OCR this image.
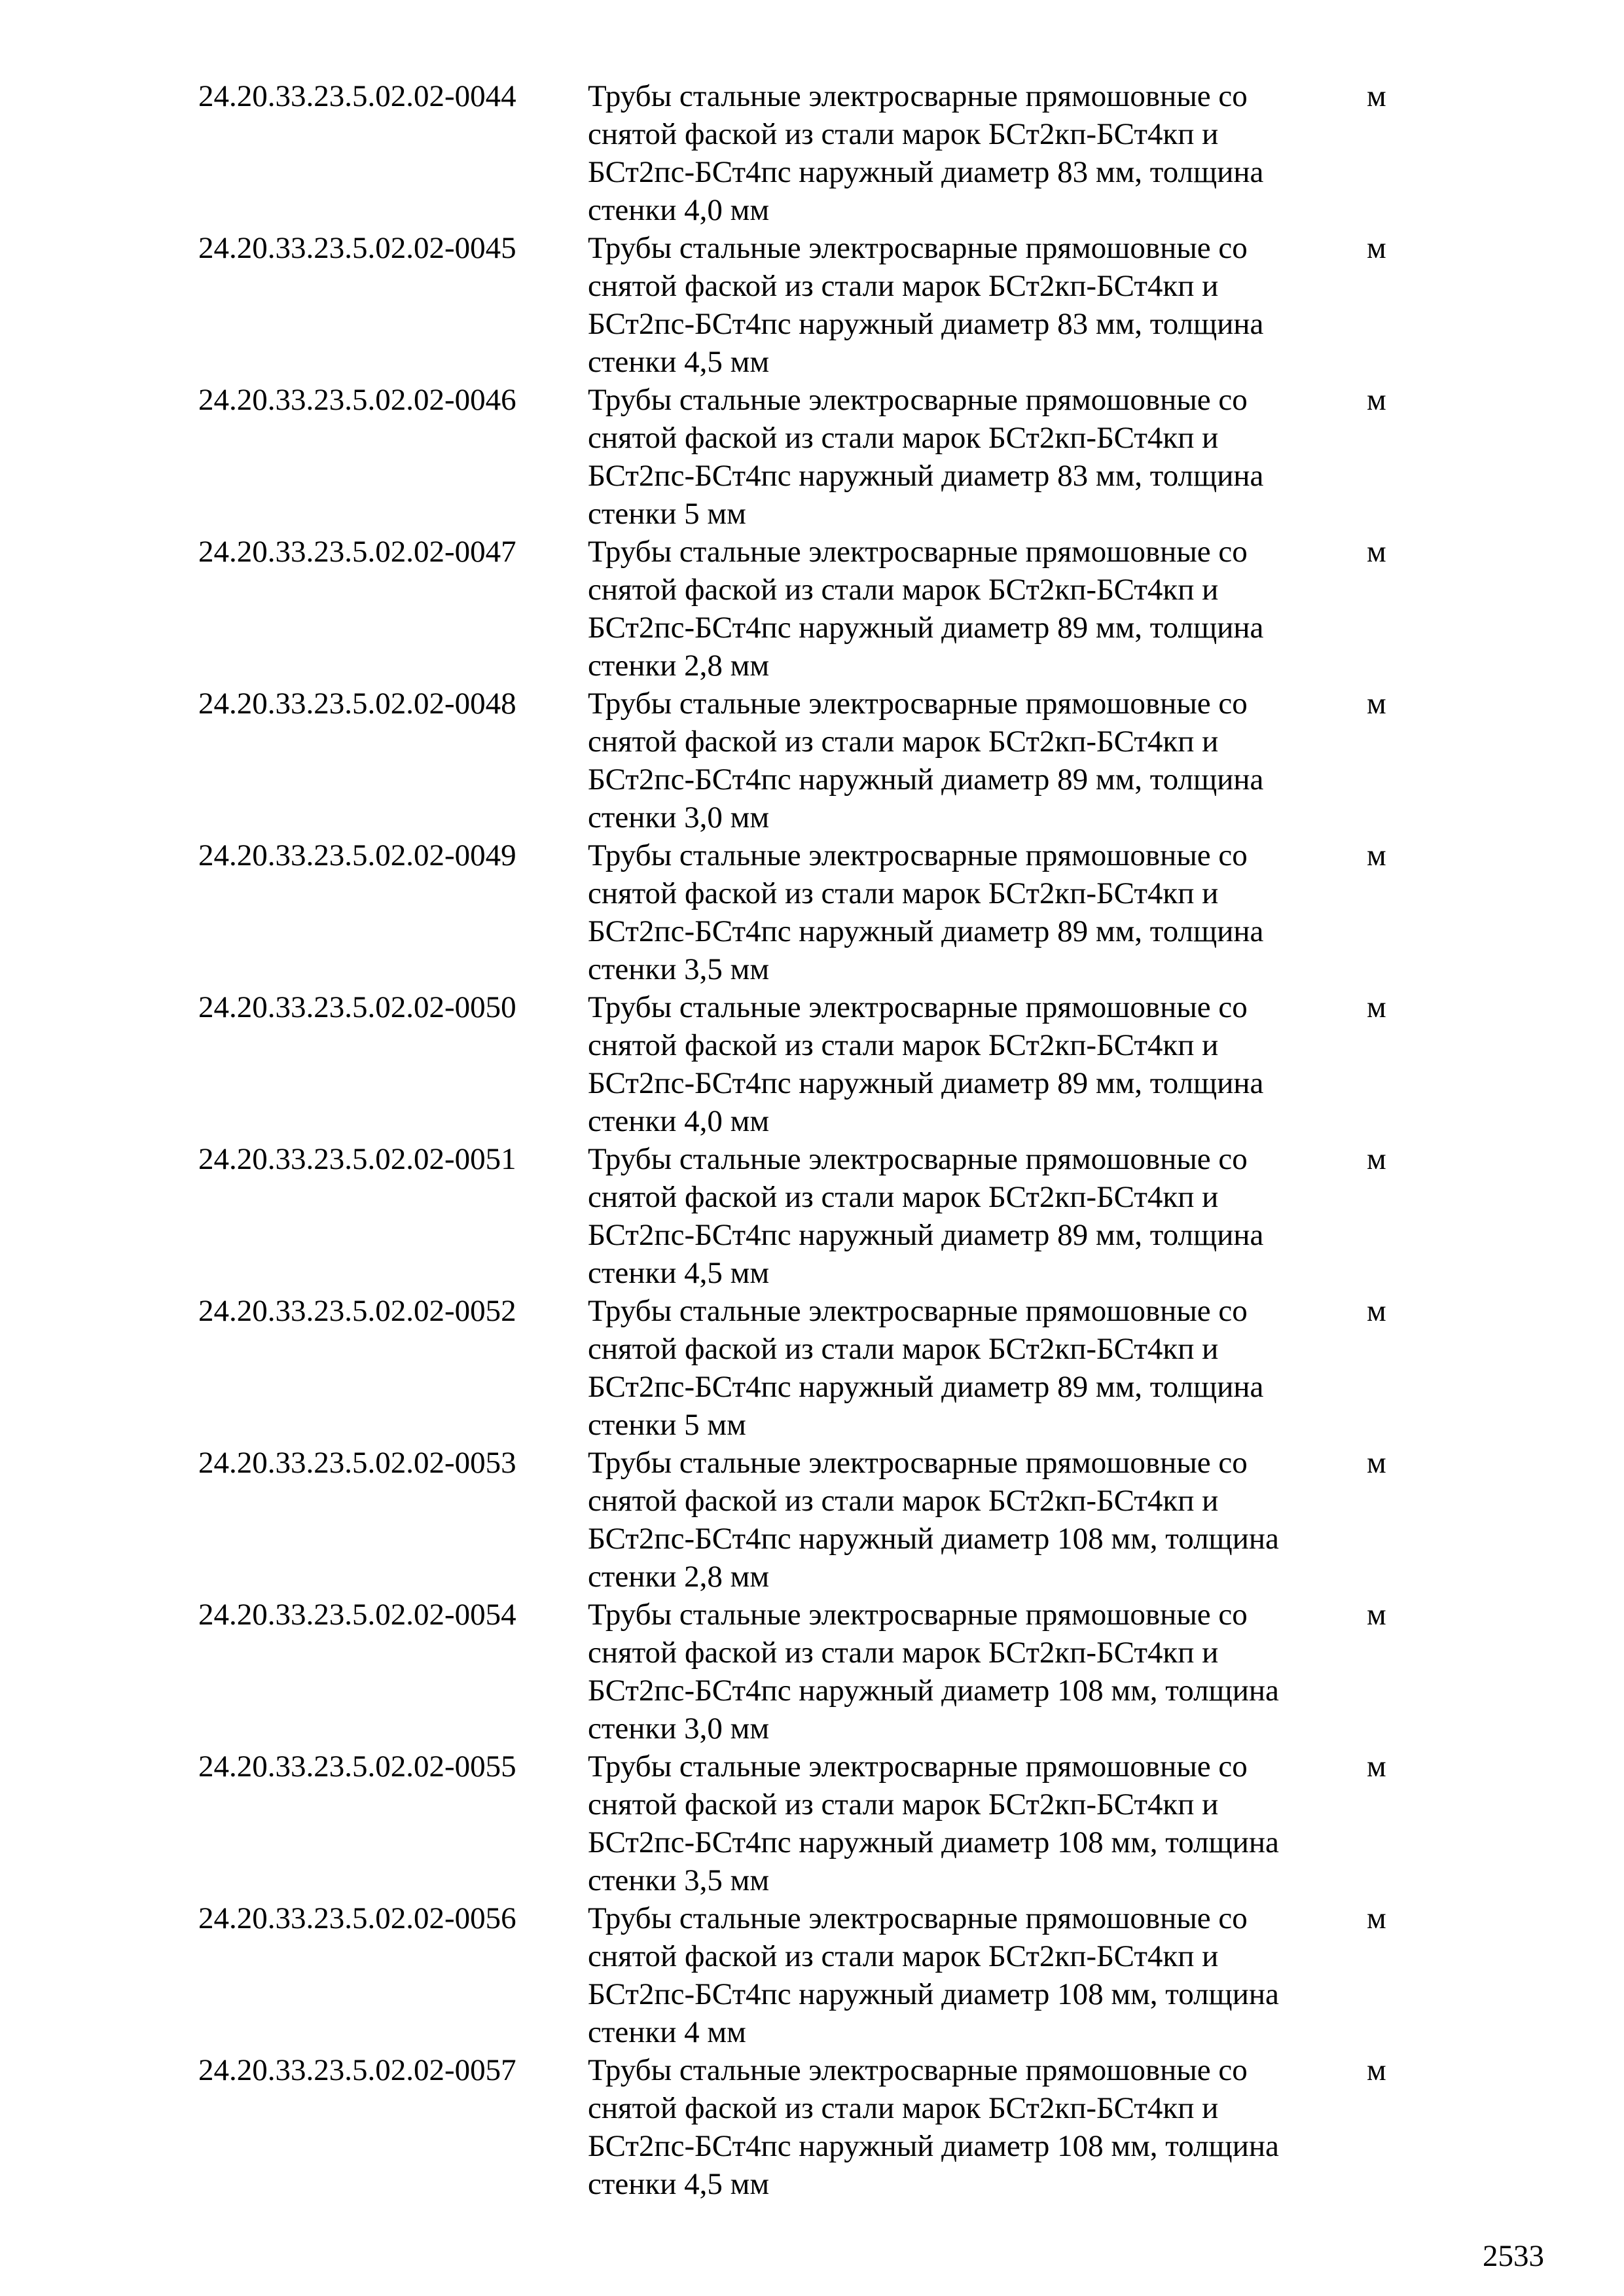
24.20.33.23.5.02.02-0044	Трубы стальные электросварные прямошовные со
снятой фаской из стали марок БСт2кп-БСт4кп и
БСт2пс-БСт4пс наружный диаметр 83 мм, толщина
стенки 4,0 мм
м
24.20.33.23.5.02.02-0045	Трубы стальные электросварные прямошовные со
снятой фаской из стали марок БСт2кп-БСт4кп и
БСт2пс-БСт4пс наружный диаметр 83 мм, толщина
стенки 4,5 мм
м
24.20.33.23.5.02.02-0046	Трубы стальные электросварные прямошовные со
снятой фаской из стали марок БСт2кп-БСт4кп и
БСт2пс-БСт4пс наружный диаметр 83 мм, толщина
стенки 5 мм
м
24.20.33.23.5.02.02-0047	Трубы стальные электросварные прямошовные со
снятой фаской из стали марок БСт2кп-БСт4кп и
БСт2пс-БСт4пс наружный диаметр 89 мм, толщина
стенки 2,8 мм
м
24.20.33.23.5.02.02-0048	Трубы стальные электросварные прямошовные со
снятой фаской из стали марок БСт2кп-БСт4кп и
БСт2пс-БСт4пс наружный диаметр 89 мм, толщина
стенки 3,0 мм
м
24.20.33.23.5.02.02-0049	Трубы стальные электросварные прямошовные со
снятой фаской из стали марок БСт2кп-БСт4кп и
БСт2пс-БСт4пс наружный диаметр 89 мм, толщина
стенки 3,5 мм
м
24.20.33.23.5.02.02-0050	Трубы стальные электросварные прямошовные со
снятой фаской из стали марок БСт2кп-БСт4кп и
БСт2пс-БСт4пс наружный диаметр 89 мм, толщина
стенки 4,0 мм
м
24.20.33.23.5.02.02-0051	Трубы стальные электросварные прямошовные со
снятой фаской из стали марок БСт2кп-БСт4кп и
БСт2пс-БСт4пс наружный диаметр 89 мм, толщина
стенки 4,5 мм
м
24.20.33.23.5.02.02-0052	Трубы стальные электросварные прямошовные со
снятой фаской из стали марок БСт2кп-БСт4кп и
БСт2пс-БСт4пс наружный диаметр 89 мм, толщина
стенки 5 мм
м
24.20.33.23.5.02.02-0053	Трубы стальные электросварные прямошовные со
снятой фаской из стали марок БСт2кп-БСт4кп и
БСт2пс-БСт4пс наружный диаметр 108 мм, толщина
стенки 2,8 мм
м
24.20.33.23.5.02.02-0054	Трубы стальные электросварные прямошовные со
снятой фаской из стали марок БСт2кп-БСт4кп и
БСт2пс-БСт4пс наружный диаметр 108 мм, толщина
стенки 3,0 мм
м
24.20.33.23.5.02.02-0055	Трубы стальные электросварные прямошовные со
снятой фаской из стали марок БСт2кп-БСт4кп и
БСт2пс-БСт4пс наружный диаметр 108 мм, толщина
стенки 3,5 мм
м
24.20.33.23.5.02.02-0056	Трубы стальные электросварные прямошовные со
снятой фаской из стали марок БСт2кп-БСт4кп и
БСт2пс-БСт4пс наружный диаметр 108 мм, толщина
стенки 4 мм
м
24.20.33.23.5.02.02-0057	Трубы стальные электросварные прямошовные со
снятой фаской из стали марок БСт2кп-БСт4кп и
БСт2пс-БСт4пс наружный диаметр 108 мм, толщина
стенки 4,5 мм
м
2533
